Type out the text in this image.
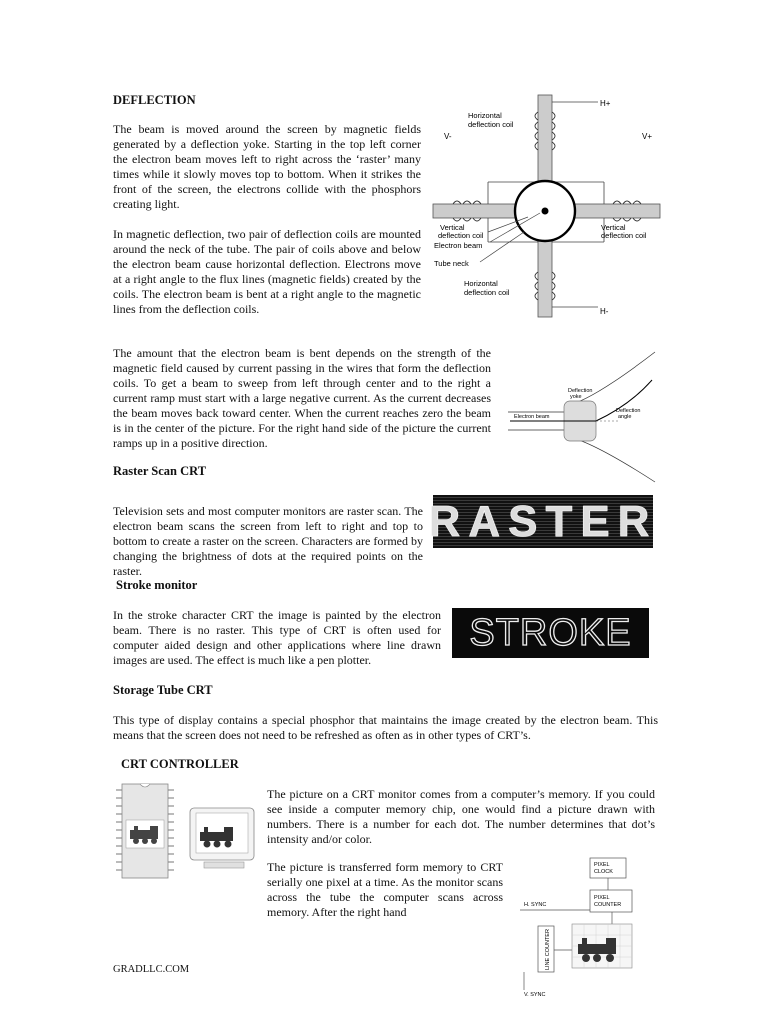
DEFLECTION
The beam is moved around the screen by magnetic fields generated by a deflection yoke. Starting in the top left corner the electron beam moves left to right across the ‘raster’ many times while it slowly moves top to bottom. When it strikes the front of the screen, the electrons collide with the phosphors creating light.
In magnetic deflection, two pair of deflection coils are mounted around the neck of the tube. The pair of coils above and below the electron beam cause horizontal deflection. Electrons move at a right angle to the flux lines (magnetic fields) created by the coils. The electron beam is bent at a right angle to the magnetic lines from the deflection coils.
The amount that the electron beam is bent depends on the strength of the magnetic field caused by current passing in the wires that form the deflection coils. To get a beam to sweep from left through center and to the right a current ramp must start with a large negative current. As the current decreases the beam moves back toward center. When the current reaches zero the beam is in the center of the picture. For the right hand side of the picture the current ramps up in a positive direction.
H+
H-
V-	V+
Horizontal
deflection coil
Vertical
deflection coil
Electron beam
Tube neck
Vertical
deflection coil
Horizontal
deflection coil
Deflection
yoke
Electron beam
Deflection
angle
Raster Scan CRT
Television sets and most computer monitors are raster scan. The electron beam scans the screen from left to right and top to bottom to create a raster on the screen. Characters are formed by changing the brightness of dots at the required points on the raster.
RASTER
Stroke monitor
In the stroke character CRT the image is painted by the electron beam. There is no raster. This type of CRT is often used for computer aided design and other applications where line drawn images are used. The effect is much like a pen plotter.
STROKE
Storage Tube CRT
This type of display contains a special phosphor that maintains the image created by the electron beam. This means that the screen does not need to be refreshed as often as in other types of CRT’s.
CRT CONTROLLER
The picture on a CRT monitor comes from a computer’s memory. If you could see inside a computer memory chip, one would find a picture drawn with numbers. There is a number for each dot. The number determines that dot’s intensity and/or color.
The picture is transferred form memory to CRT serially one pixel at a time. As the monitor scans across the tube the computer scans across memory. After the right hand
PIXEL
CLOCK
PIXEL
COUNTER
H. SYNC
LINE COUNTER
V. SYNC
GRADLLC.COM
